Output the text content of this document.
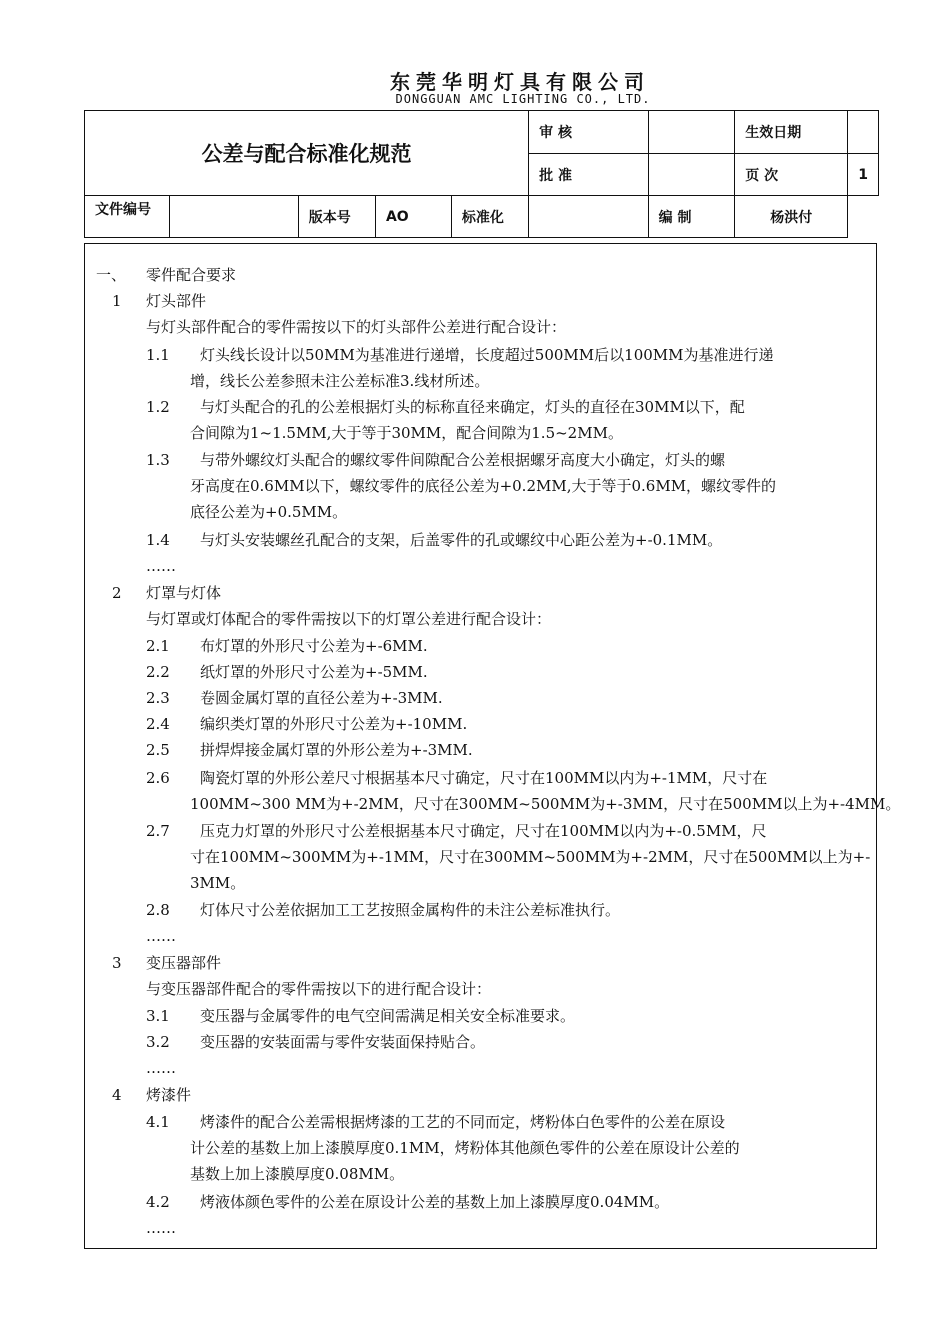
东莞华明灯具有限公司
DONGGUAN AMC LIGHTING CO., LTD.
公差与配合标准化规范					审 核		生效日期	
					批 准		页 次	1
文件编号		版本号	AO	标准化		编 制	杨洪付	
一、 零件配合要求
1 灯头部件
与灯头部件配合的零件需按以下的灯头部件公差进行配合设计：
1.1 灯头线长设计以50MM为基准进行递增，长度超过500MM后以100MM为基准进行递
增，线长公差参照未注公差标准3.线材所述。
1.2 与灯头配合的孔的公差根据灯头的标称直径来确定，灯头的直径在30MM以下，配
合间隙为1~1.5MM,大于等于30MM，配合间隙为1.5~2MM。
1.3 与带外螺纹灯头配合的螺纹零件间隙配合公差根据螺牙高度大小确定，灯头的螺
牙高度在0.6MM以下，螺纹零件的底径公差为+0.2MM,大于等于0.6MM，螺纹零件的
底径公差为+0.5MM。
1.4 与灯头安装螺丝孔配合的支架，后盖零件的孔或螺纹中心距公差为+-0.1MM。
……
2 灯罩与灯体
与灯罩或灯体配合的零件需按以下的灯罩公差进行配合设计：
2.1 布灯罩的外形尺寸公差为+-6MM.
2.2 纸灯罩的外形尺寸公差为+-5MM.
2.3 卷圆金属灯罩的直径公差为+-3MM.
2.4 编织类灯罩的外形尺寸公差为+-10MM.
2.5 拼焊焊接金属灯罩的外形公差为+-3MM.
2.6 陶瓷灯罩的外形公差尺寸根据基本尺寸确定，尺寸在100MM以内为+-1MM，尺寸在
100MM~300 MM为+-2MM，尺寸在300MM~500MM为+-3MM，尺寸在500MM以上为+-4MM。
2.7 压克力灯罩的外形尺寸公差根据基本尺寸确定，尺寸在100MM以内为+-0.5MM，尺
寸在100MM~300MM为+-1MM，尺寸在300MM~500MM为+-2MM，尺寸在500MM以上为+-
3MM。
2.8 灯体尺寸公差依据加工工艺按照金属构件的未注公差标准执行。
……
3 变压器部件
与变压器部件配合的零件需按以下的进行配合设计：
3.1 变压器与金属零件的电气空间需满足相关安全标准要求。
3.2 变压器的安装面需与零件安装面保持贴合。
……
4 烤漆件
4.1 烤漆件的配合公差需根据烤漆的工艺的不同而定，烤粉体白色零件的公差在原设
计公差的基数上加上漆膜厚度0.1MM，烤粉体其他颜色零件的公差在原设计公差的
基数上加上漆膜厚度0.08MM。
4.2 烤液体颜色零件的公差在原设计公差的基数上加上漆膜厚度0.04MM。
……
